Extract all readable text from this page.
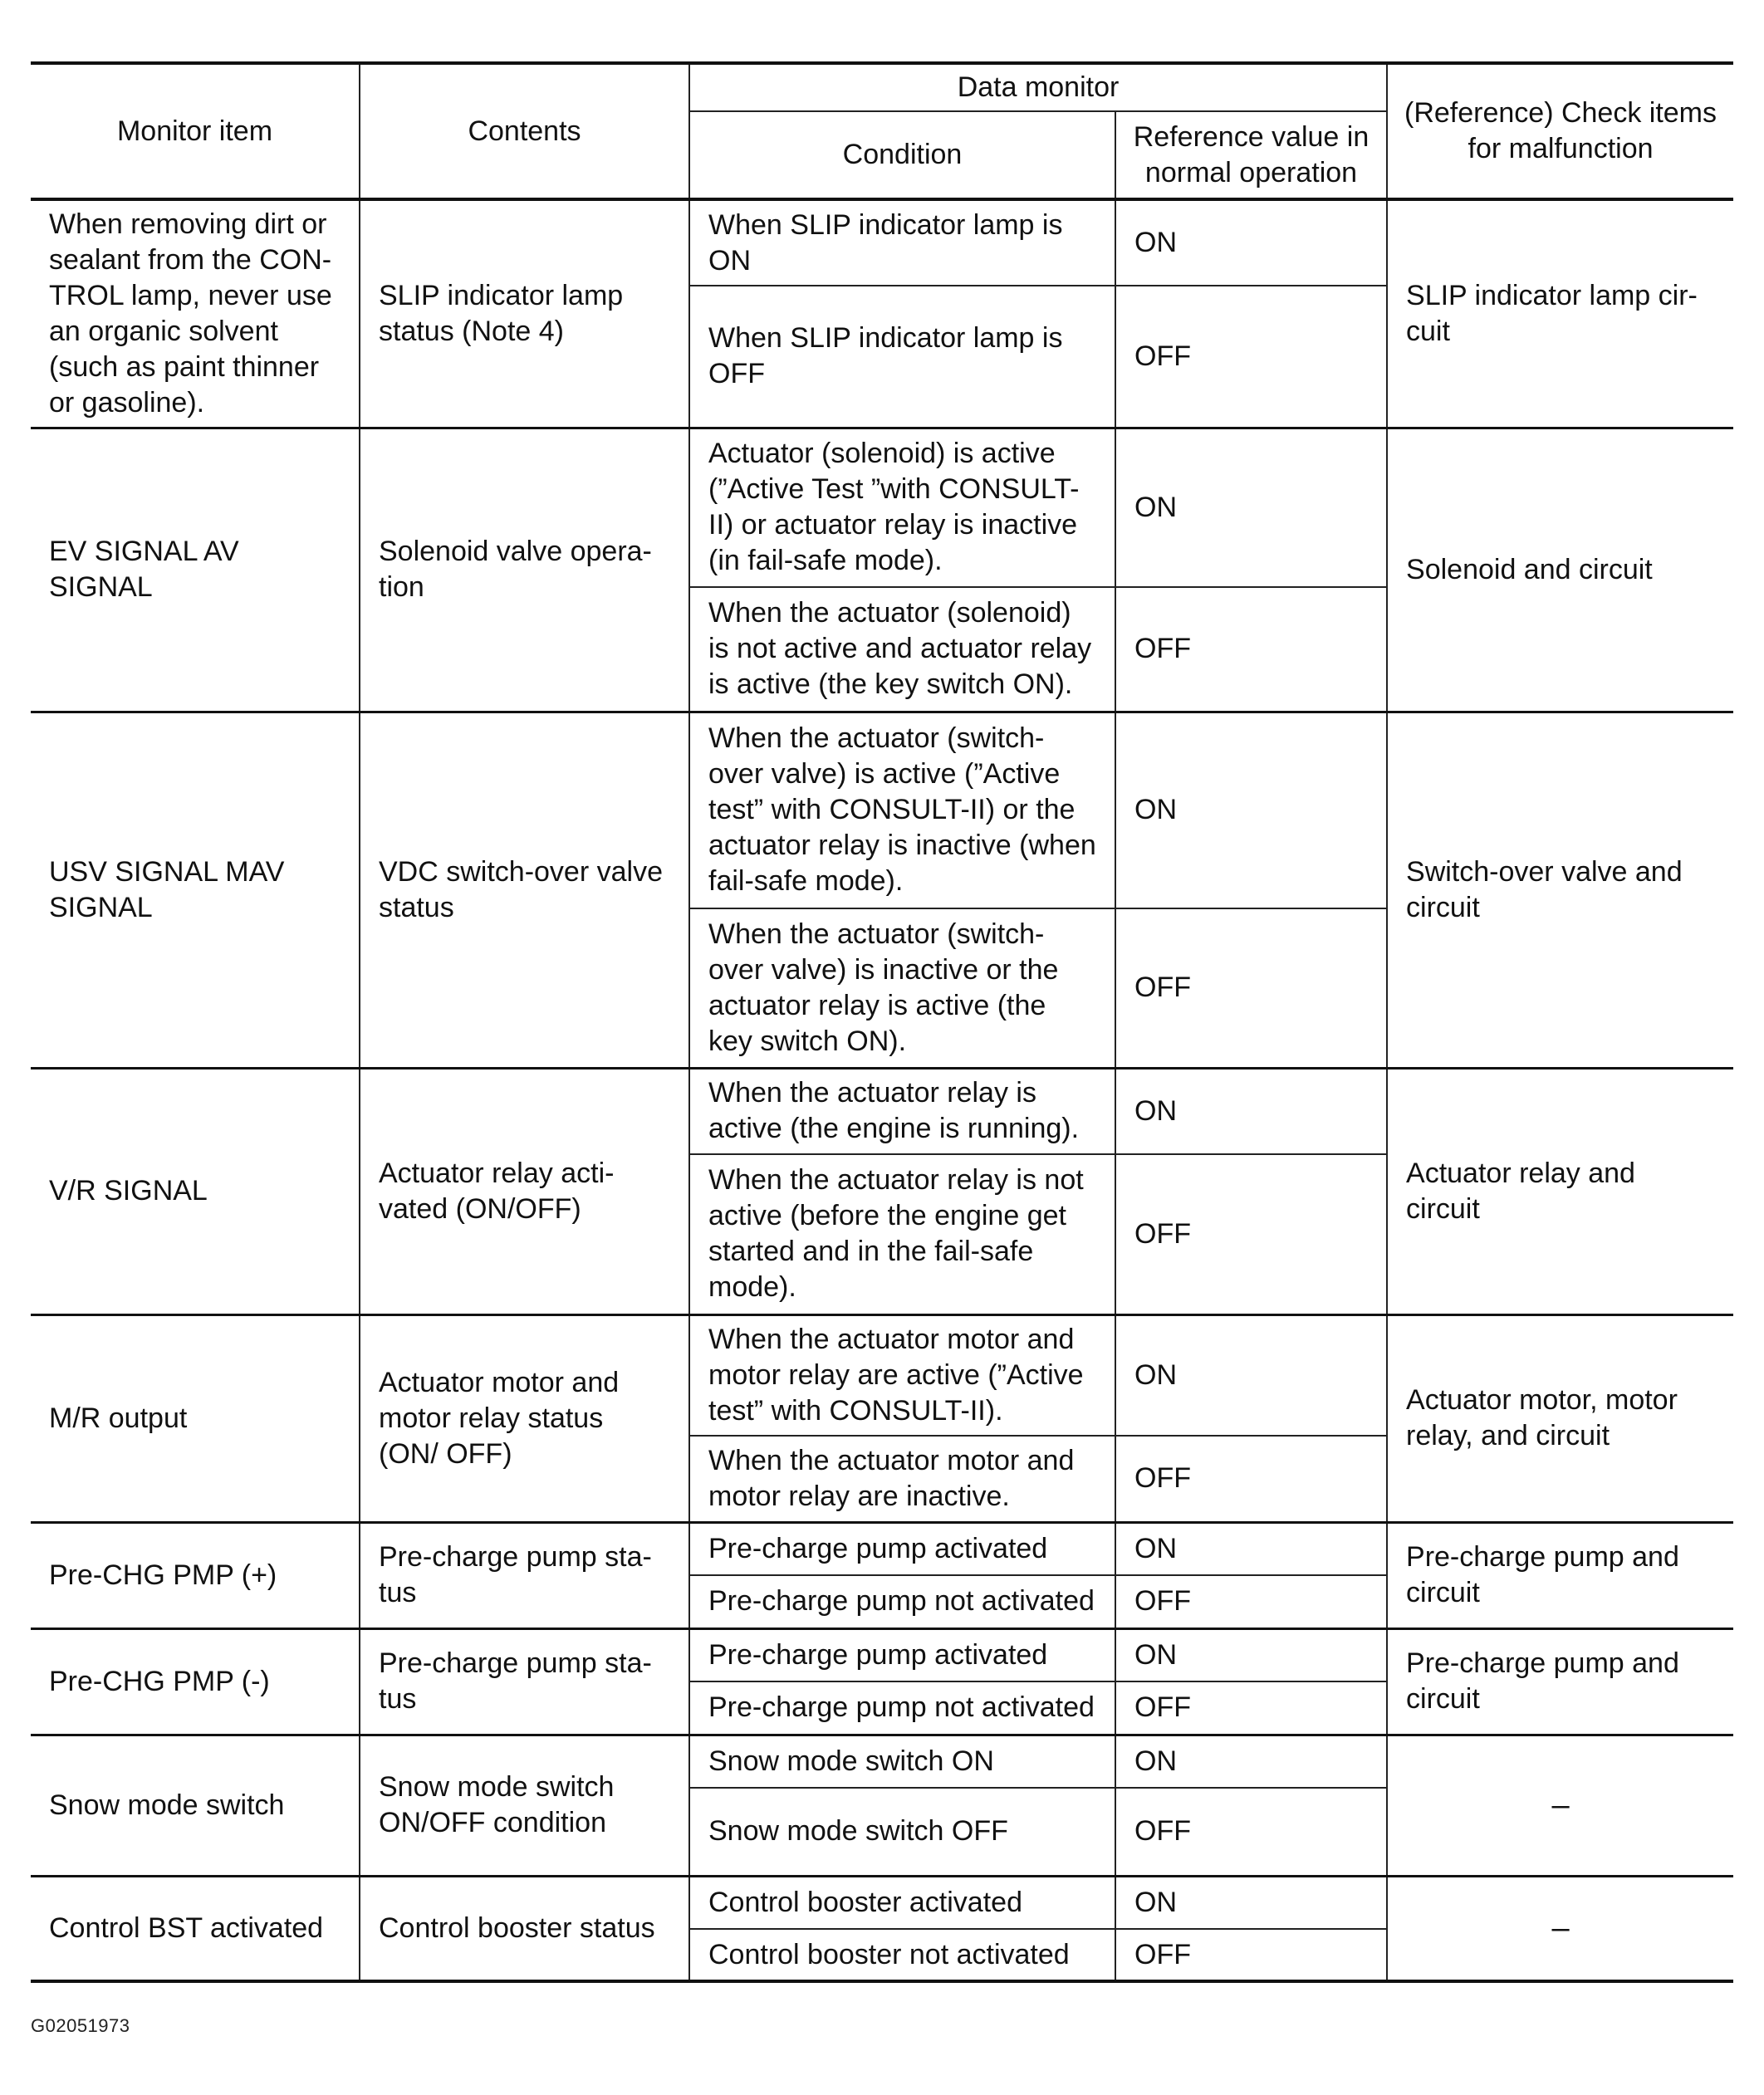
Monitor item	Contents	Data monitor		(Reference) Check items for malfunction
		Condition	Reference value in normal operation	
When removing dirt or sealant from the CON-TROL lamp, never use an organic solvent (such as paint thinner or gasoline).	SLIP indicator lamp status (Note 4)	When SLIP indicator lamp is ON	ON	SLIP indicator lamp cir-cuit
		When SLIP indicator lamp is OFF	OFF	
EV SIGNAL AV SIGNAL	Solenoid valve opera-tion	Actuator (solenoid) is active (”Active Test ”with CONSULT-II) or actuator relay is inactive (in fail-safe mode).	ON	Solenoid and circuit
		When the actuator (solenoid) is not active and actuator relay is active (the key switch ON).	OFF	
USV SIGNAL MAV SIGNAL	VDC switch-over valve status	When the actuator (switch-over valve) is active (”Active test” with CONSULT-II) or the actuator relay is inactive (when fail-safe mode).	ON	Switch-over valve and circuit
		When the actuator (switch-over valve) is inactive or the actuator relay is active (the key switch ON).	OFF	
V/R SIGNAL	Actuator relay acti-vated (ON/OFF)	When the actuator relay is active (the engine is running).	ON	Actuator relay and circuit
		When the actuator relay is not active (before the engine get started and in the fail-safe mode).	OFF	
M/R output	Actuator motor and motor relay status (ON/ OFF)	When the actuator motor and motor relay are active (”Active test” with CONSULT-II).	ON	Actuator motor, motor relay, and circuit
		When the actuator motor and motor relay are inactive.	OFF	
Pre-CHG PMP (+)	Pre-charge pump sta-tus	Pre-charge pump activated	ON	Pre-charge pump and circuit
		Pre-charge pump not activated	OFF	
Pre-CHG PMP (-)	Pre-charge pump sta-tus	Pre-charge pump activated	ON	Pre-charge pump and circuit
		Pre-charge pump not activated	OFF	
Snow mode switch	Snow mode switch ON/OFF condition	Snow mode switch ON	ON	–
		Snow mode switch OFF	OFF	
Control BST activated	Control booster status	Control booster activated	ON	–
		Control booster not activated	OFF	
G02051973
